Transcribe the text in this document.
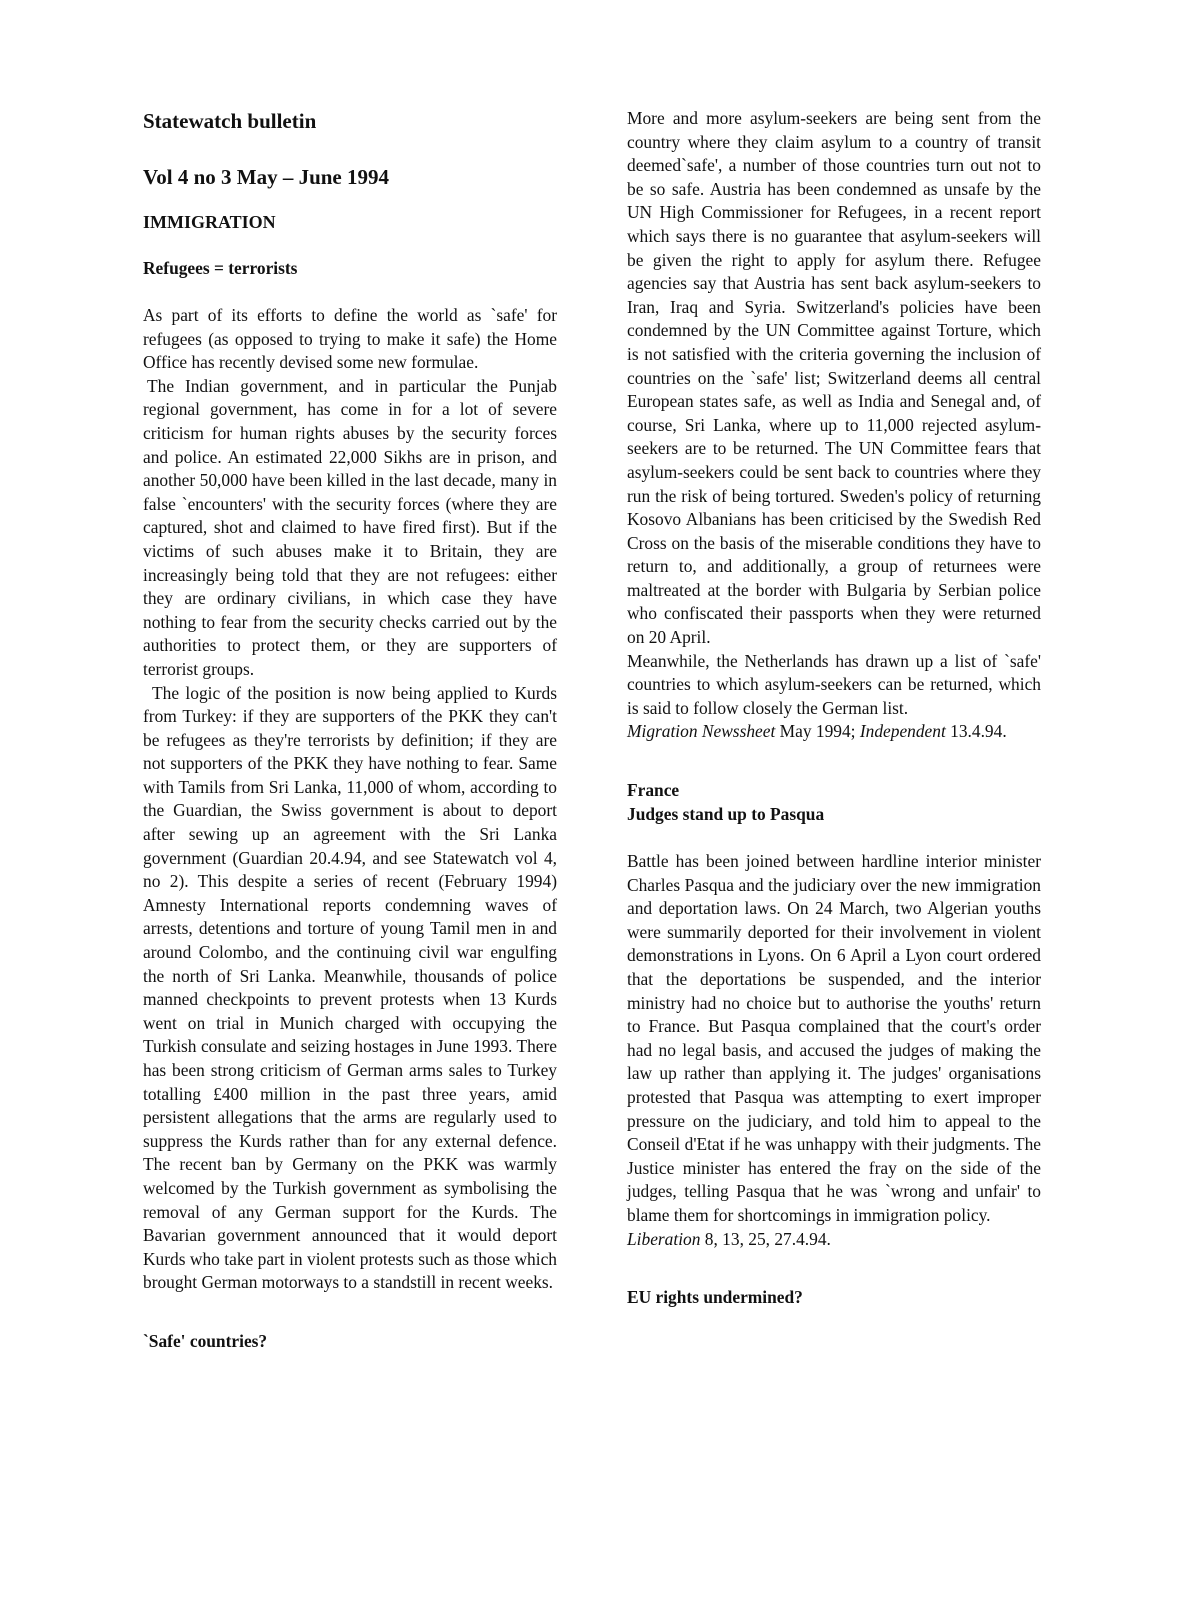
Statewatch bulletin
Vol 4 no 3 May – June 1994
IMMIGRATION
Refugees = terrorists

As part of its efforts to define the world as `safe' for refugees (as opposed to trying to make it safe) the Home Office has recently devised some new formulae.

The Indian government, and in particular the Punjab regional government, has come in for a lot of severe criticism for human rights abuses by the security forces and police. An estimated 22,000 Sikhs are in prison, and another 50,000 have been killed in the last decade, many in false `encounters' with the security forces (where they are captured, shot and claimed to have fired first). But if the victims of such abuses make it to Britain, they are increasingly being told that they are not refugees: either they are ordinary civilians, in which case they have nothing to fear from the security checks carried out by the authorities to protect them, or they are supporters of terrorist groups.

The logic of the position is now being applied to Kurds from Turkey: if they are supporters of the PKK they can't be refugees as they're terrorists by definition; if they are not supporters of the PKK they have nothing to fear. Same with Tamils from Sri Lanka, 11,000 of whom, according to the Guardian, the Swiss government is about to deport after sewing up an agreement with the Sri Lanka government (Guardian 20.4.94, and see Statewatch vol 4, no 2). This despite a series of recent (February 1994) Amnesty International reports condemning waves of arrests, detentions and torture of young Tamil men in and around Colombo, and the continuing civil war engulfing the north of Sri Lanka. Meanwhile, thousands of police manned checkpoints to prevent protests when 13 Kurds went on trial in Munich charged with occupying the Turkish consulate and seizing hostages in June 1993. There has been strong criticism of German arms sales to Turkey totalling £400 million in the past three years, amid persistent allegations that the arms are regularly used to suppress the Kurds rather than for any external defence. The recent ban by Germany on the PKK was warmly welcomed by the Turkish government as symbolising the removal of any German support for the Kurds. The Bavarian government announced that it would deport Kurds who take part in violent protests such as those which brought German motorways to a standstill in recent weeks.

`Safe' countries?

More and more asylum-seekers are being sent from the country where they claim asylum to a country of transit deemed`safe', a number of those countries turn out not to be so safe. Austria has been condemned as unsafe by the UN High Commissioner for Refugees, in a recent report which says there is no guarantee that asylum-seekers will be given the right to apply for asylum there. Refugee agencies say that Austria has sent back asylum-seekers to Iran, Iraq and Syria. Switzerland's policies have been condemned by the UN Committee against Torture, which is not satisfied with the criteria governing the inclusion of countries on the `safe' list; Switzerland deems all central European states safe, as well as India and Senegal and, of course, Sri Lanka, where up to 11,000 rejected asylum-seekers are to be returned. The UN Committee fears that asylum-seekers could be sent back to countries where they run the risk of being tortured. Sweden's policy of returning Kosovo Albanians has been criticised by the Swedish Red Cross on the basis of the miserable conditions they have to return to, and additionally, a group of returnees were maltreated at the border with Bulgaria by Serbian police who confiscated their passports when they were returned on 20 April.

Meanwhile, the Netherlands has drawn up a list of `safe' countries to which asylum-seekers can be returned, which is said to follow closely the German list.

Migration Newssheet May 1994; Independent 13.4.94.

France
Judges stand up to Pasqua

Battle has been joined between hardline interior minister Charles Pasqua and the judiciary over the new immigration and deportation laws. On 24 March, two Algerian youths were summarily deported for their involvement in violent demonstrations in Lyons. On 6 April a Lyon court ordered that the deportations be suspended, and the interior ministry had no choice but to authorise the youths' return to France. But Pasqua complained that the court's order had no legal basis, and accused the judges of making the law up rather than applying it. The judges' organisations protested that Pasqua was attempting to exert improper pressure on the judiciary, and told him to appeal to the Conseil d'Etat if he was unhappy with their judgments. The Justice minister has entered the fray on the side of the judges, telling Pasqua that he was `wrong and unfair' to blame them for shortcomings in immigration policy.

Liberation 8, 13, 25, 27.4.94.

EU rights undermined?
